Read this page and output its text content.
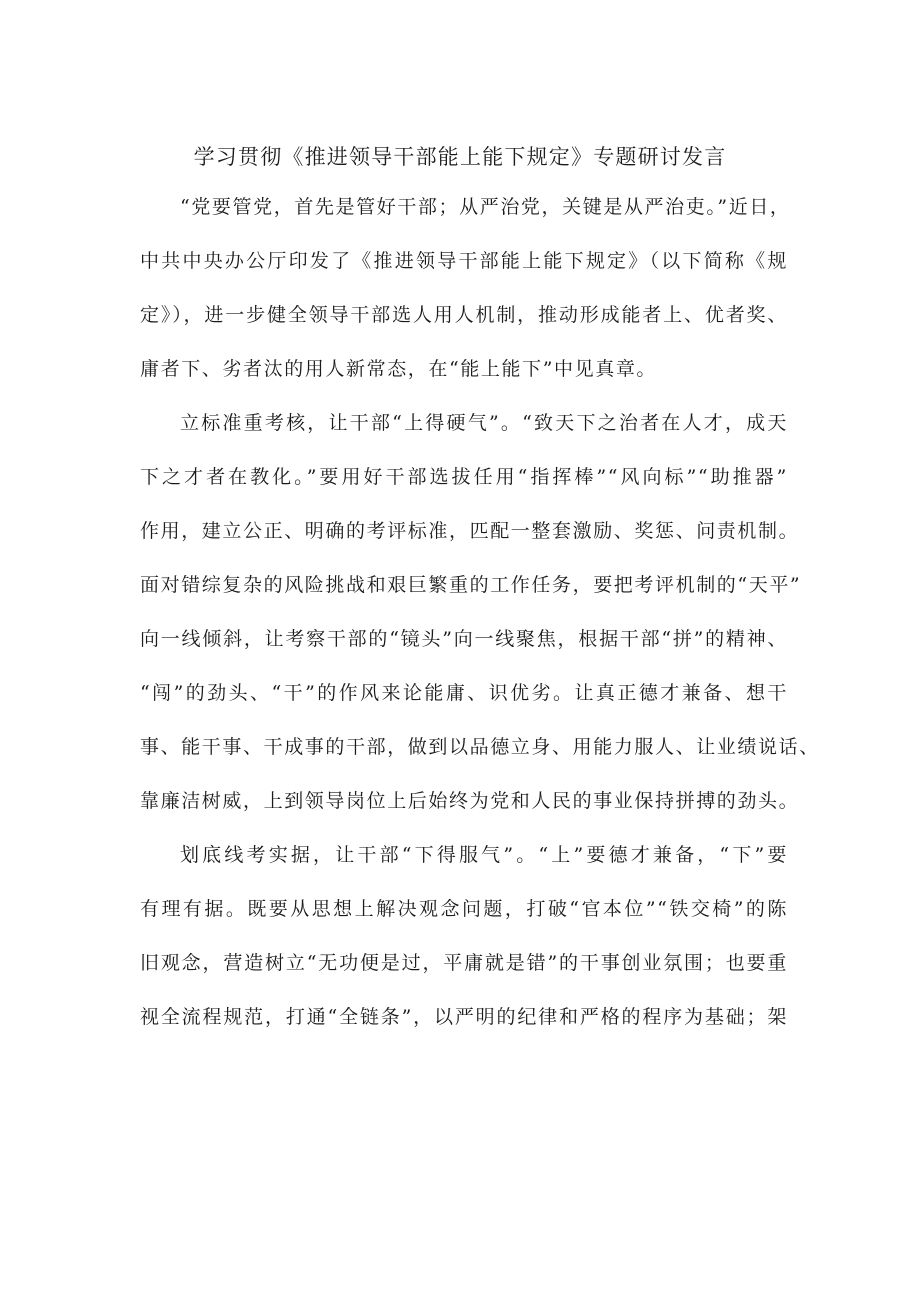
学习贯彻《推进领导干部能上能下规定》专题研讨发言
“党要管党，首先是管好干部；从严治党，关键是从严治吏。”近日，
中共中央办公厅印发了《推进领导干部能上能下规定》（以下简称《规
定》），进一步健全领导干部选人用人机制，推动形成能者上、优者奖、
庸者下、劣者汰的用人新常态，在“能上能下”中见真章。
立标准重考核，让干部“上得硬气”。“致天下之治者在人才，成天
下之才者在教化。”要用好干部选拔任用“指挥棒”“风向标”“助推器”
作用，建立公正、明确的考评标准，匹配一整套激励、奖惩、问责机制。
面对错综复杂的风险挑战和艰巨繁重的工作任务，要把考评机制的“天平”
向一线倾斜，让考察干部的“镜头”向一线聚焦，根据干部“拼”的精神、
“闯”的劲头、“干”的作风来论能庸、识优劣。让真正德才兼备、想干
事、能干事、干成事的干部，做到以品德立身、用能力服人、让业绩说话、
靠廉洁树威，上到领导岗位上后始终为党和人民的事业保持拼搏的劲头。
划底线考实据，让干部“下得服气”。“上”要德才兼备，“下”要
有理有据。既要从思想上解决观念问题，打破“官本位”“铁交椅”的陈
旧观念，营造树立“无功便是过，平庸就是错”的干事创业氛围；也要重
视全流程规范，打通“全链条”，以严明的纪律和严格的程序为基础；架
